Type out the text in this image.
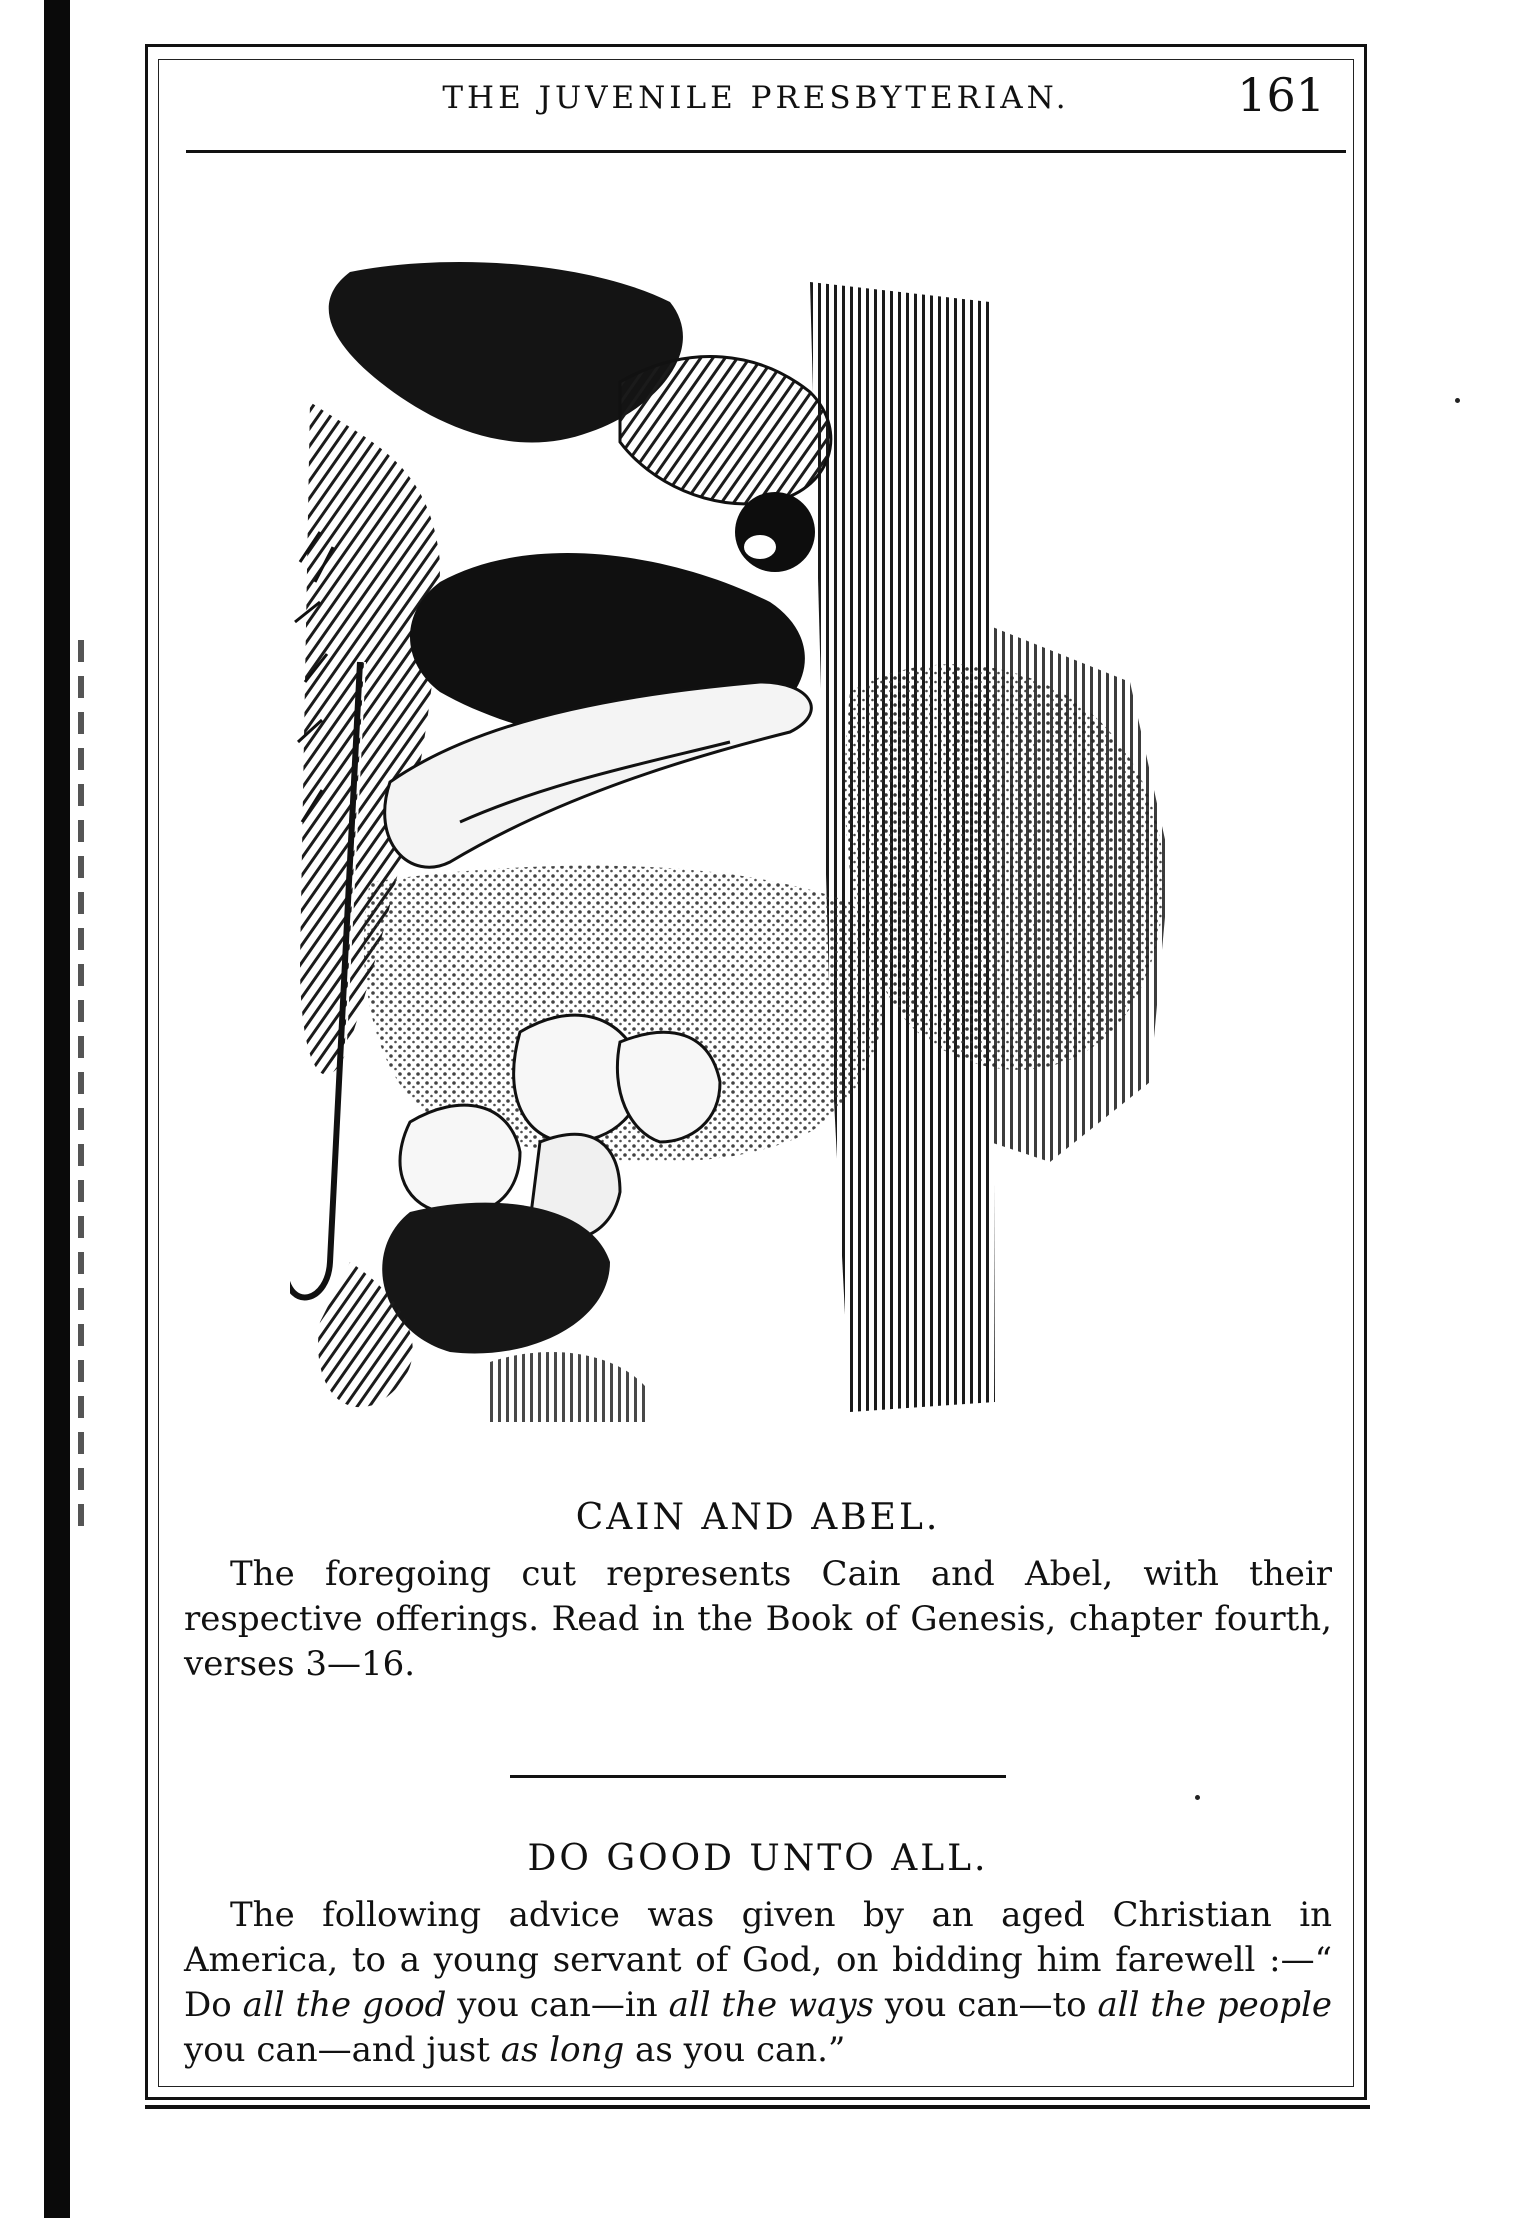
THE JUVENILE PRESBYTERIAN.	161
CAIN AND ABEL.

The foregoing cut represents Cain and Abel, with their respective offerings. Read in the Book of Genesis, chapter fourth, verses 3—16.

DO GOOD UNTO ALL.

The following advice was given by an aged Christian in America, to a young servant of God, on bidding him farewell :—“ Do all the good you can—in all the ways you can—to all the people you can—and just as long as you can.”
